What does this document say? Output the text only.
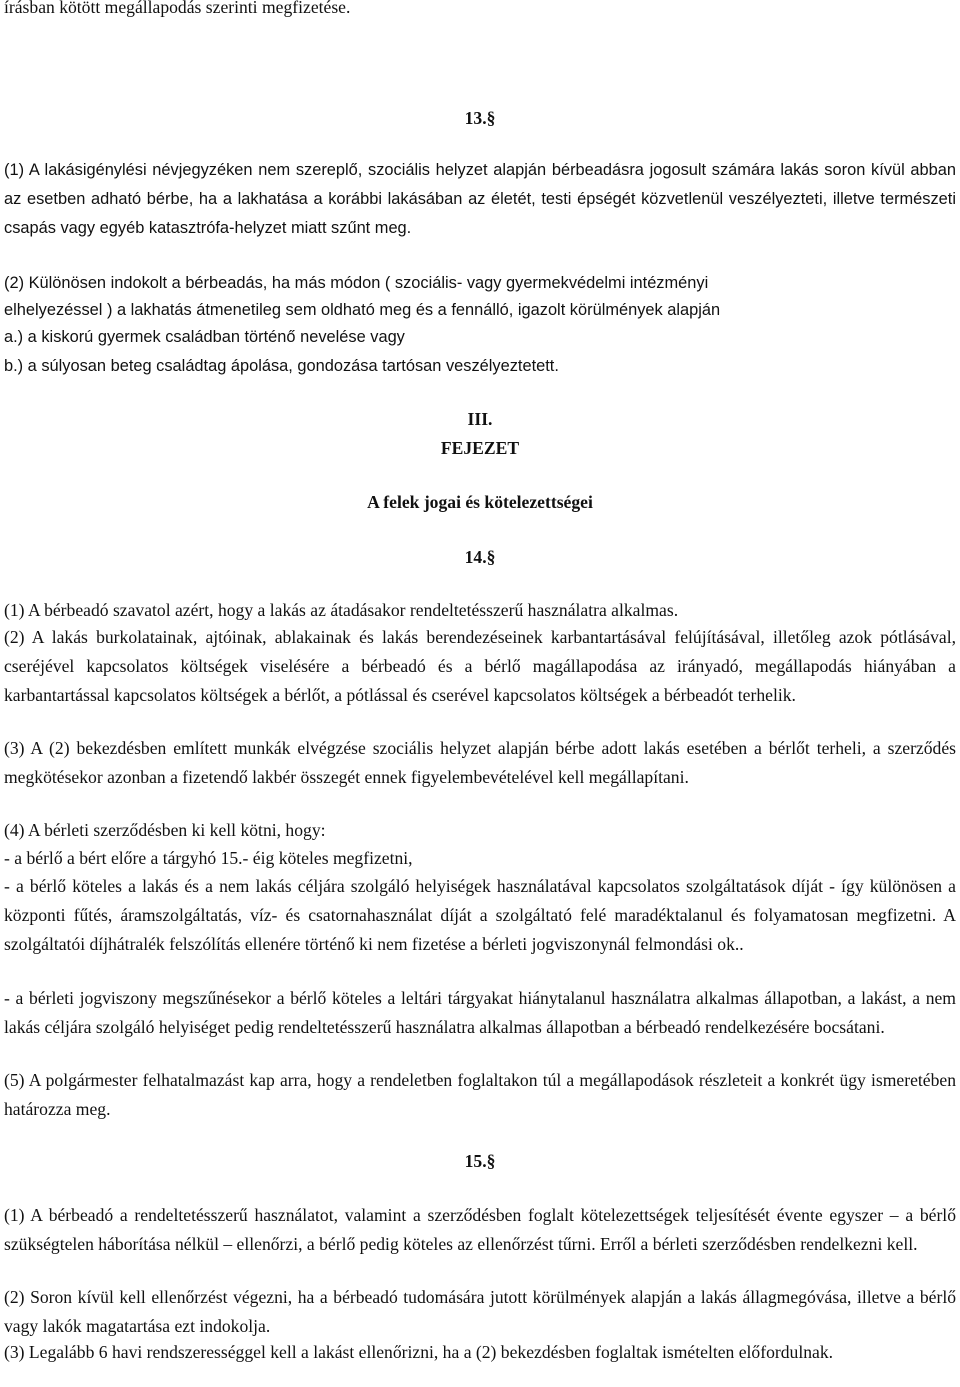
írásban kötött megállapodás szerinti megfizetése.

13.§

(1) A lakásigénylési névjegyzéken nem szereplő, szociális helyzet alapján bérbeadásra jogosult számára lakás soron kívül abban az esetben adható bérbe, ha a lakhatása a korábbi lakásában az életét, testi épségét közvetlenül veszélyezteti, illetve természeti csapás vagy egyéb katasztrófa-helyzet miatt szűnt meg.

(2) Különösen indokolt a bérbeadás, ha más módon ( szociális- vagy gyermekvédelmi intézményi

elhelyezéssel ) a lakhatás átmenetileg sem oldható meg és a fennálló, igazolt körülmények alapján

a.) a kiskorú gyermek családban történő nevelése vagy

b.) a súlyosan beteg családtag ápolása, gondozása tartósan veszélyeztetett.

III.

FEJEZET

A felek jogai és kötelezettségei

14.§

(1) A bérbeadó szavatol azért, hogy a lakás az átadásakor rendeltetésszerű használatra alkalmas.

(2) A lakás burkolatainak, ajtóinak, ablakainak és lakás berendezéseinek karbantartásával felújításával, illetőleg azok pótlásával, cseréjével kapcsolatos költségek viselésére a bérbeadó és a bérlő magállapodása az irányadó, megállapodás hiányában a karbantartással kapcsolatos költségek a bérlőt, a pótlással és cserével kapcsolatos költségek a bérbeadót terhelik.

(3) A (2) bekezdésben említett munkák elvégzése szociális helyzet alapján bérbe adott lakás esetében a bérlőt terheli, a szerződés megkötésekor azonban a fizetendő lakbér összegét ennek figyelembevételével kell megállapítani.

(4) A bérleti szerződésben ki kell kötni, hogy:

- a bérlő a bért előre a tárgyhó 15.- éig köteles megfizetni,

- a bérlő köteles a lakás és a nem lakás céljára szolgáló helyiségek használatával kapcsolatos szolgáltatások díját - így különösen a központi fűtés, áramszolgáltatás, víz- és csatornahasználat díját a szolgáltató felé maradéktalanul és folyamatosan megfizetni. A szolgáltatói díjhátralék felszólítás ellenére történő ki nem fizetése a bérleti jogviszonynál felmondási ok..

- a bérleti jogviszony megszűnésekor a bérlő köteles a leltári tárgyakat hiánytalanul használatra alkalmas állapotban, a lakást, a nem lakás céljára szolgáló helyiséget pedig rendeltetésszerű használatra alkalmas állapotban a bérbeadó rendelkezésére bocsátani.

(5) A polgármester felhatalmazást kap arra, hogy a rendeletben foglaltakon túl a megállapodások részleteit a konkrét ügy ismeretében határozza meg.

15.§

(1) A bérbeadó a rendeltetésszerű használatot, valamint a szerződésben foglalt kötelezettségek teljesítését évente egyszer – a bérlő szükségtelen háborítása nélkül – ellenőrzi, a bérlő pedig köteles az ellenőrzést tűrni. Erről a bérleti szerződésben rendelkezni kell.

(2) Soron kívül kell ellenőrzést végezni, ha a bérbeadó tudomására jutott körülmények alapján a lakás állagmegóvása, illetve a bérlő vagy lakók magatartása ezt indokolja.

(3) Legalább 6 havi rendszerességgel kell a lakást ellenőrizni, ha a (2) bekezdésben foglaltak ismételten előfordulnak.
